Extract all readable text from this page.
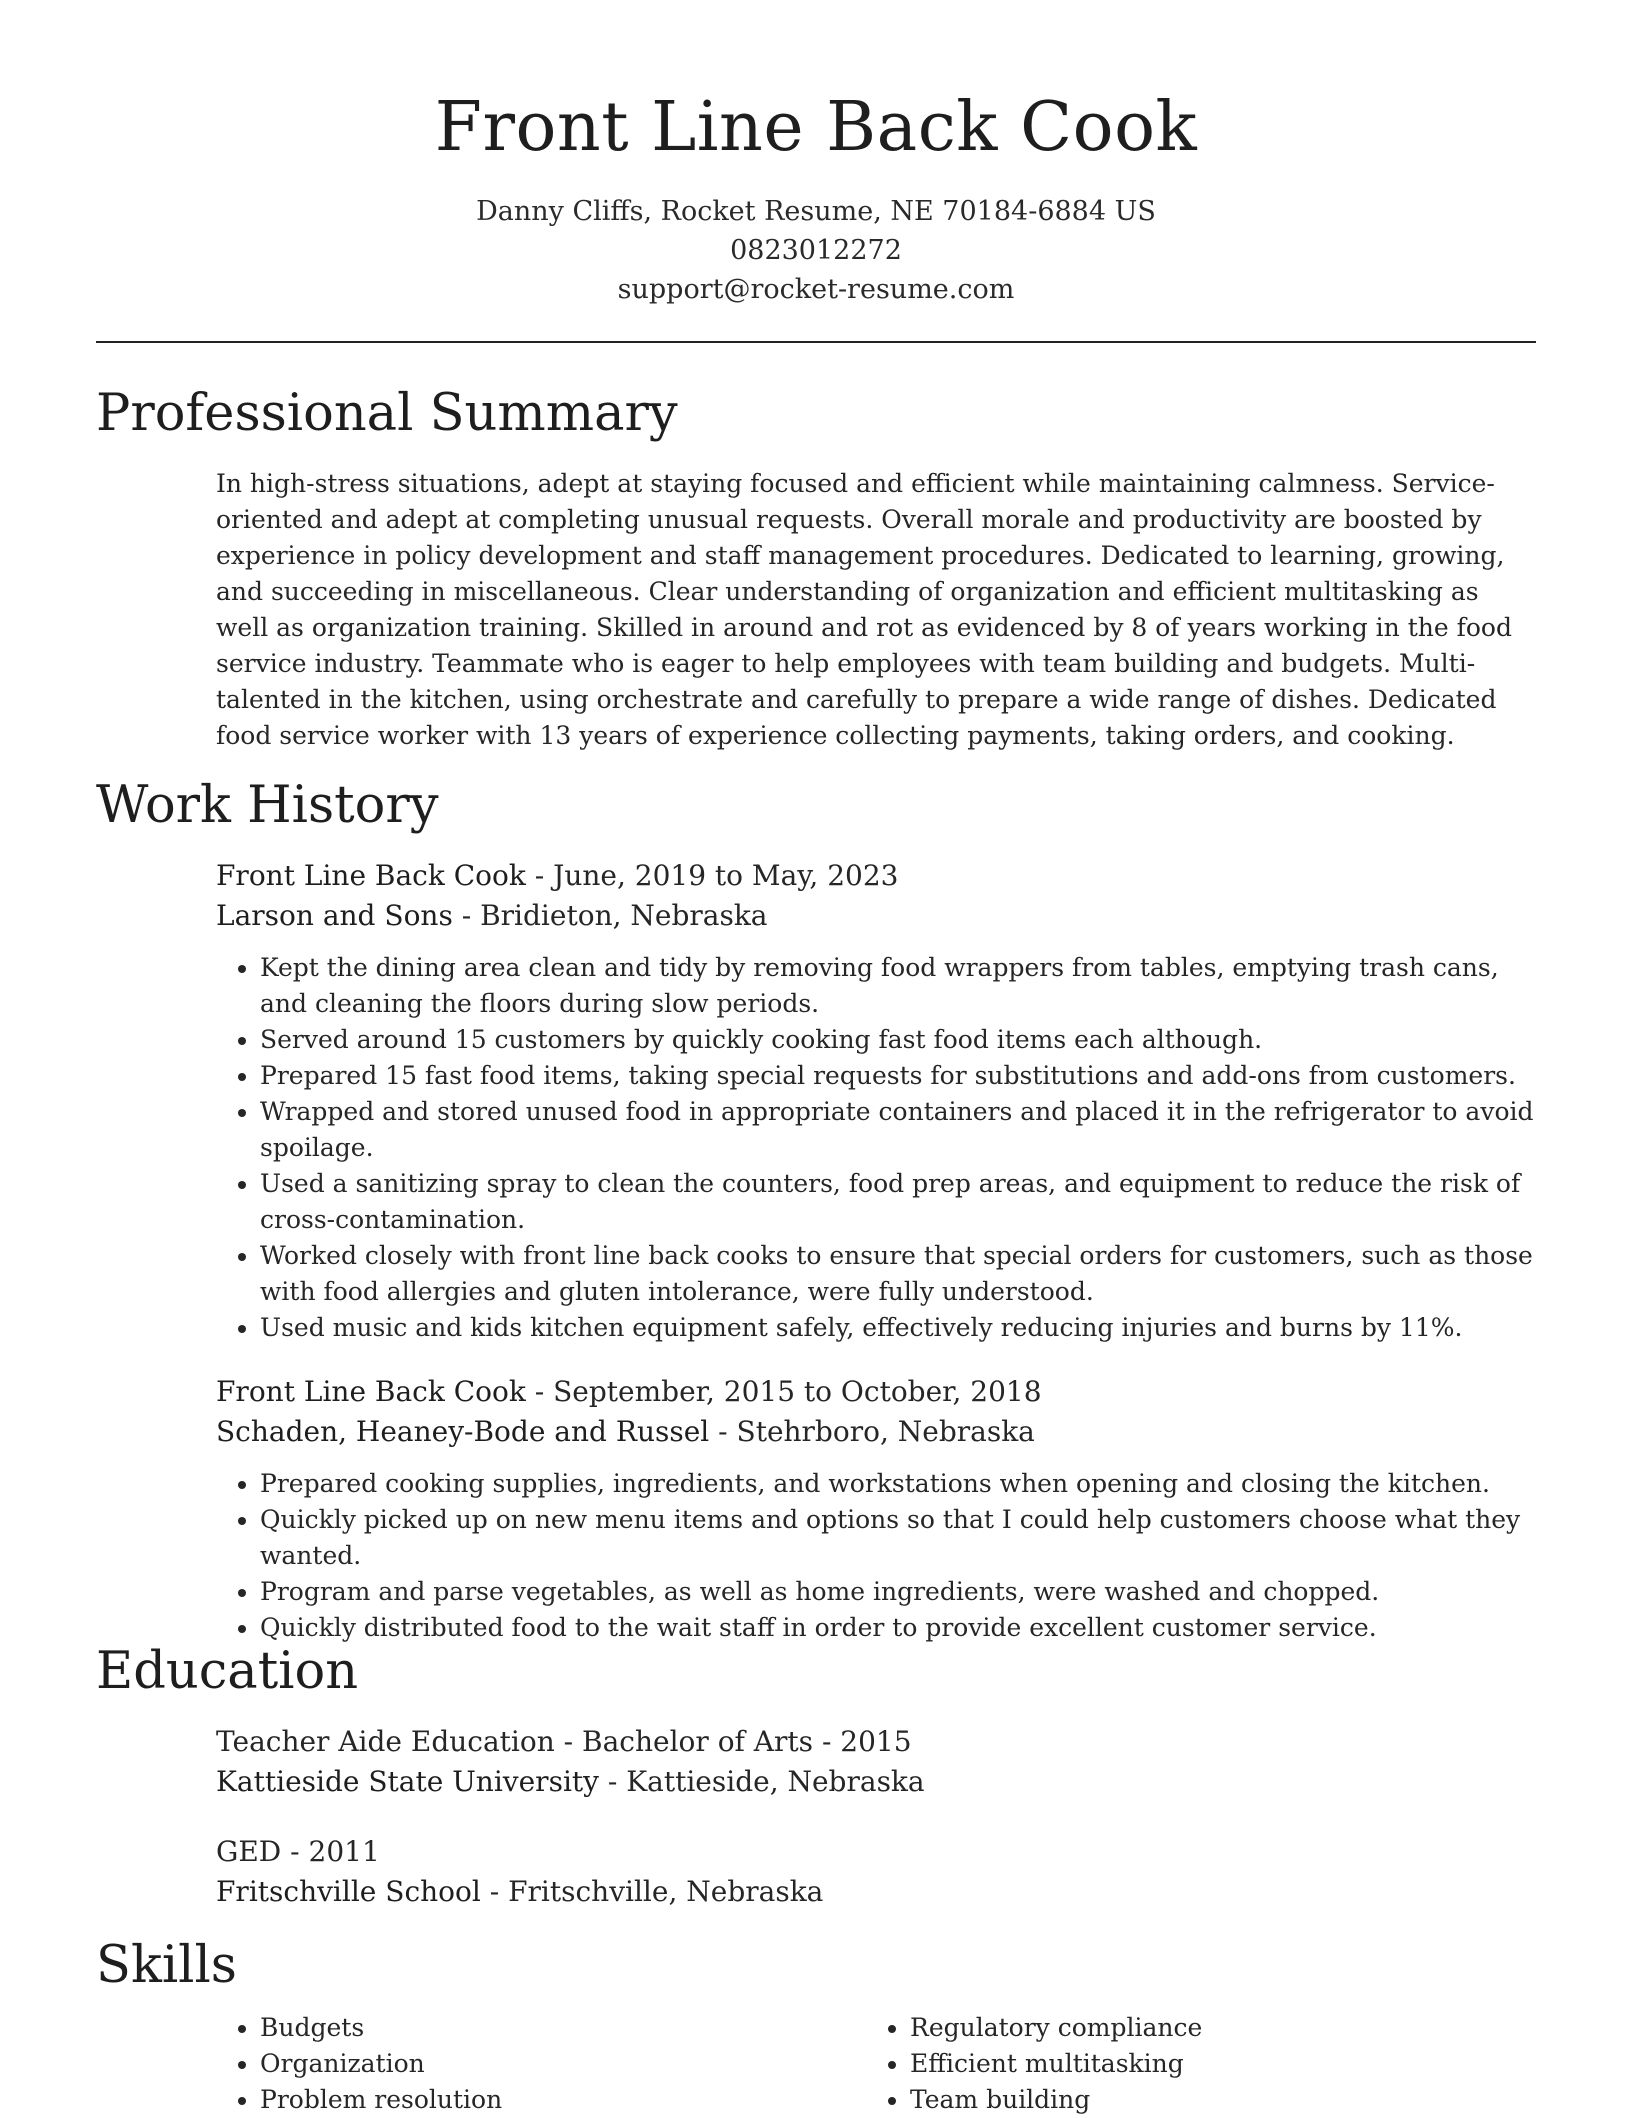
Front Line Back Cook
Danny Cliffs, Rocket Resume, NE 70184-6884 US
0823012272
support@rocket-resume.com
Professional Summary
In high-stress situations, adept at staying focused and efficient while maintaining calmness. Service-oriented and adept at completing unusual requests. Overall morale and productivity are boosted by experience in policy development and staff management procedures. Dedicated to learning, growing, and succeeding in miscellaneous. Clear understanding of organization and efficient multitasking as well as organization training. Skilled in around and rot as evidenced by 8 of years working in the food service industry. Teammate who is eager to help employees with team building and budgets. Multi-talented in the kitchen, using orchestrate and carefully to prepare a wide range of dishes. Dedicated food service worker with 13 years of experience collecting payments, taking orders, and cooking.
Work History
Front Line Back Cook - June, 2019 to May, 2023
Larson and Sons - Bridieton, Nebraska
• Kept the dining area clean and tidy by removing food wrappers from tables, emptying trash cans, and cleaning the floors during slow periods.
• Served around 15 customers by quickly cooking fast food items each although.
• Prepared 15 fast food items, taking special requests for substitutions and add-ons from customers.
• Wrapped and stored unused food in appropriate containers and placed it in the refrigerator to avoid spoilage.
• Used a sanitizing spray to clean the counters, food prep areas, and equipment to reduce the risk of cross-contamination.
• Worked closely with front line back cooks to ensure that special orders for customers, such as those with food allergies and gluten intolerance, were fully understood.
• Used music and kids kitchen equipment safely, effectively reducing injuries and burns by 11%.
Front Line Back Cook - September, 2015 to October, 2018
Schaden, Heaney-Bode and Russel - Stehrboro, Nebraska
• Prepared cooking supplies, ingredients, and workstations when opening and closing the kitchen.
• Quickly picked up on new menu items and options so that I could help customers choose what they wanted.
• Program and parse vegetables, as well as home ingredients, were washed and chopped.
• Quickly distributed food to the wait staff in order to provide excellent customer service.
Education
Teacher Aide Education - Bachelor of Arts - 2015
Kattieside State University - Kattieside, Nebraska
GED - 2011
Fritschville School - Fritschville, Nebraska
Skills
• Budgets
• Organization
• Problem resolution
• Regulatory compliance
• Efficient multitasking
• Team building
